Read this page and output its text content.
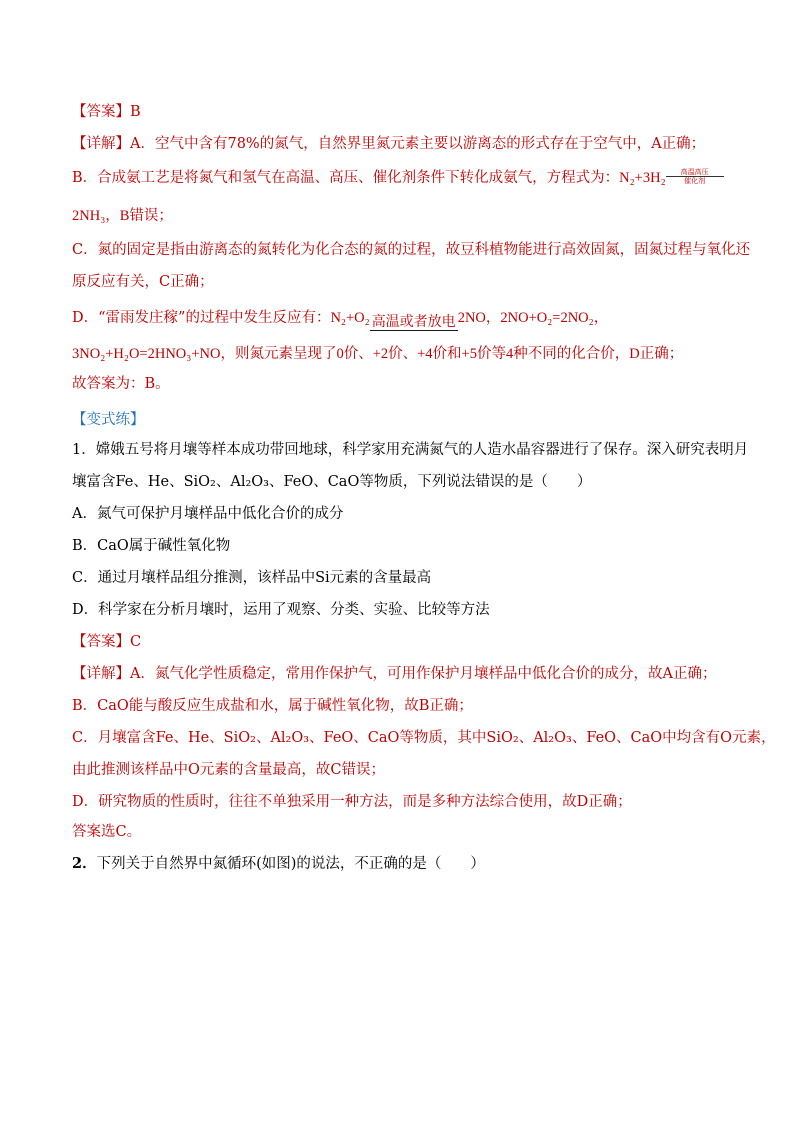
【答案】B
【详解】A．空气中含有78%的氮气，自然界里氮元素主要以游离态的形式存在于空气中，A正确；
B．合成氨工艺是将氮气和氢气在高温、高压、催化剂条件下转化成氨气，方程式为：N₂+3H₂	高温高压
催化剂
2NH₃，B错误；
C．氮的固定是指由游离态的氮转化为化合态的氮的过程，故豆科植物能进行高效固氮，固氮过程与氧化还
原反应有关，C正确；
D．“雷雨发庄稼”的过程中发生反应有：N₂+O₂ 高温或者放电 2NO，2NO+O₂=2NO₂，
3NO₂+H₂O=2HNO₃+NO，则氮元素呈现了0价、+2价、+4价和+5价等4种不同的化合价，D正确；
故答案为：B。
【变式练】
1．嫦娥五号将月壤等样本成功带回地球，科学家用充满氮气的人造水晶容器进行了保存。深入研究表明月
壤富含Fe、He、SiO₂、Al₂O₃、FeO、CaO等物质，下列说法错误的是（　　）
A．氮气可保护月壤样品中低化合价的成分
B．CaO属于碱性氧化物
C．通过月壤样品组分推测，该样品中Si元素的含量最高
D．科学家在分析月壤时，运用了观察、分类、实验、比较等方法
【答案】C
【详解】A．氮气化学性质稳定，常用作保护气，可用作保护月壤样品中低化合价的成分，故A正确；
B．CaO能与酸反应生成盐和水，属于碱性氧化物，故B正确；
C．月壤富含Fe、He、SiO₂、Al₂O₃、FeO、CaO等物质，其中SiO₂、Al₂O₃、FeO、CaO中均含有O元素，
由此推测该样品中O元素的含量最高，故C错误；
D．研究物质的性质时，往往不单独采用一种方法，而是多种方法综合使用，故D正确；
答案选C。
2．下列关于自然界中氮循环(如图)的说法，不正确的是（　　）
